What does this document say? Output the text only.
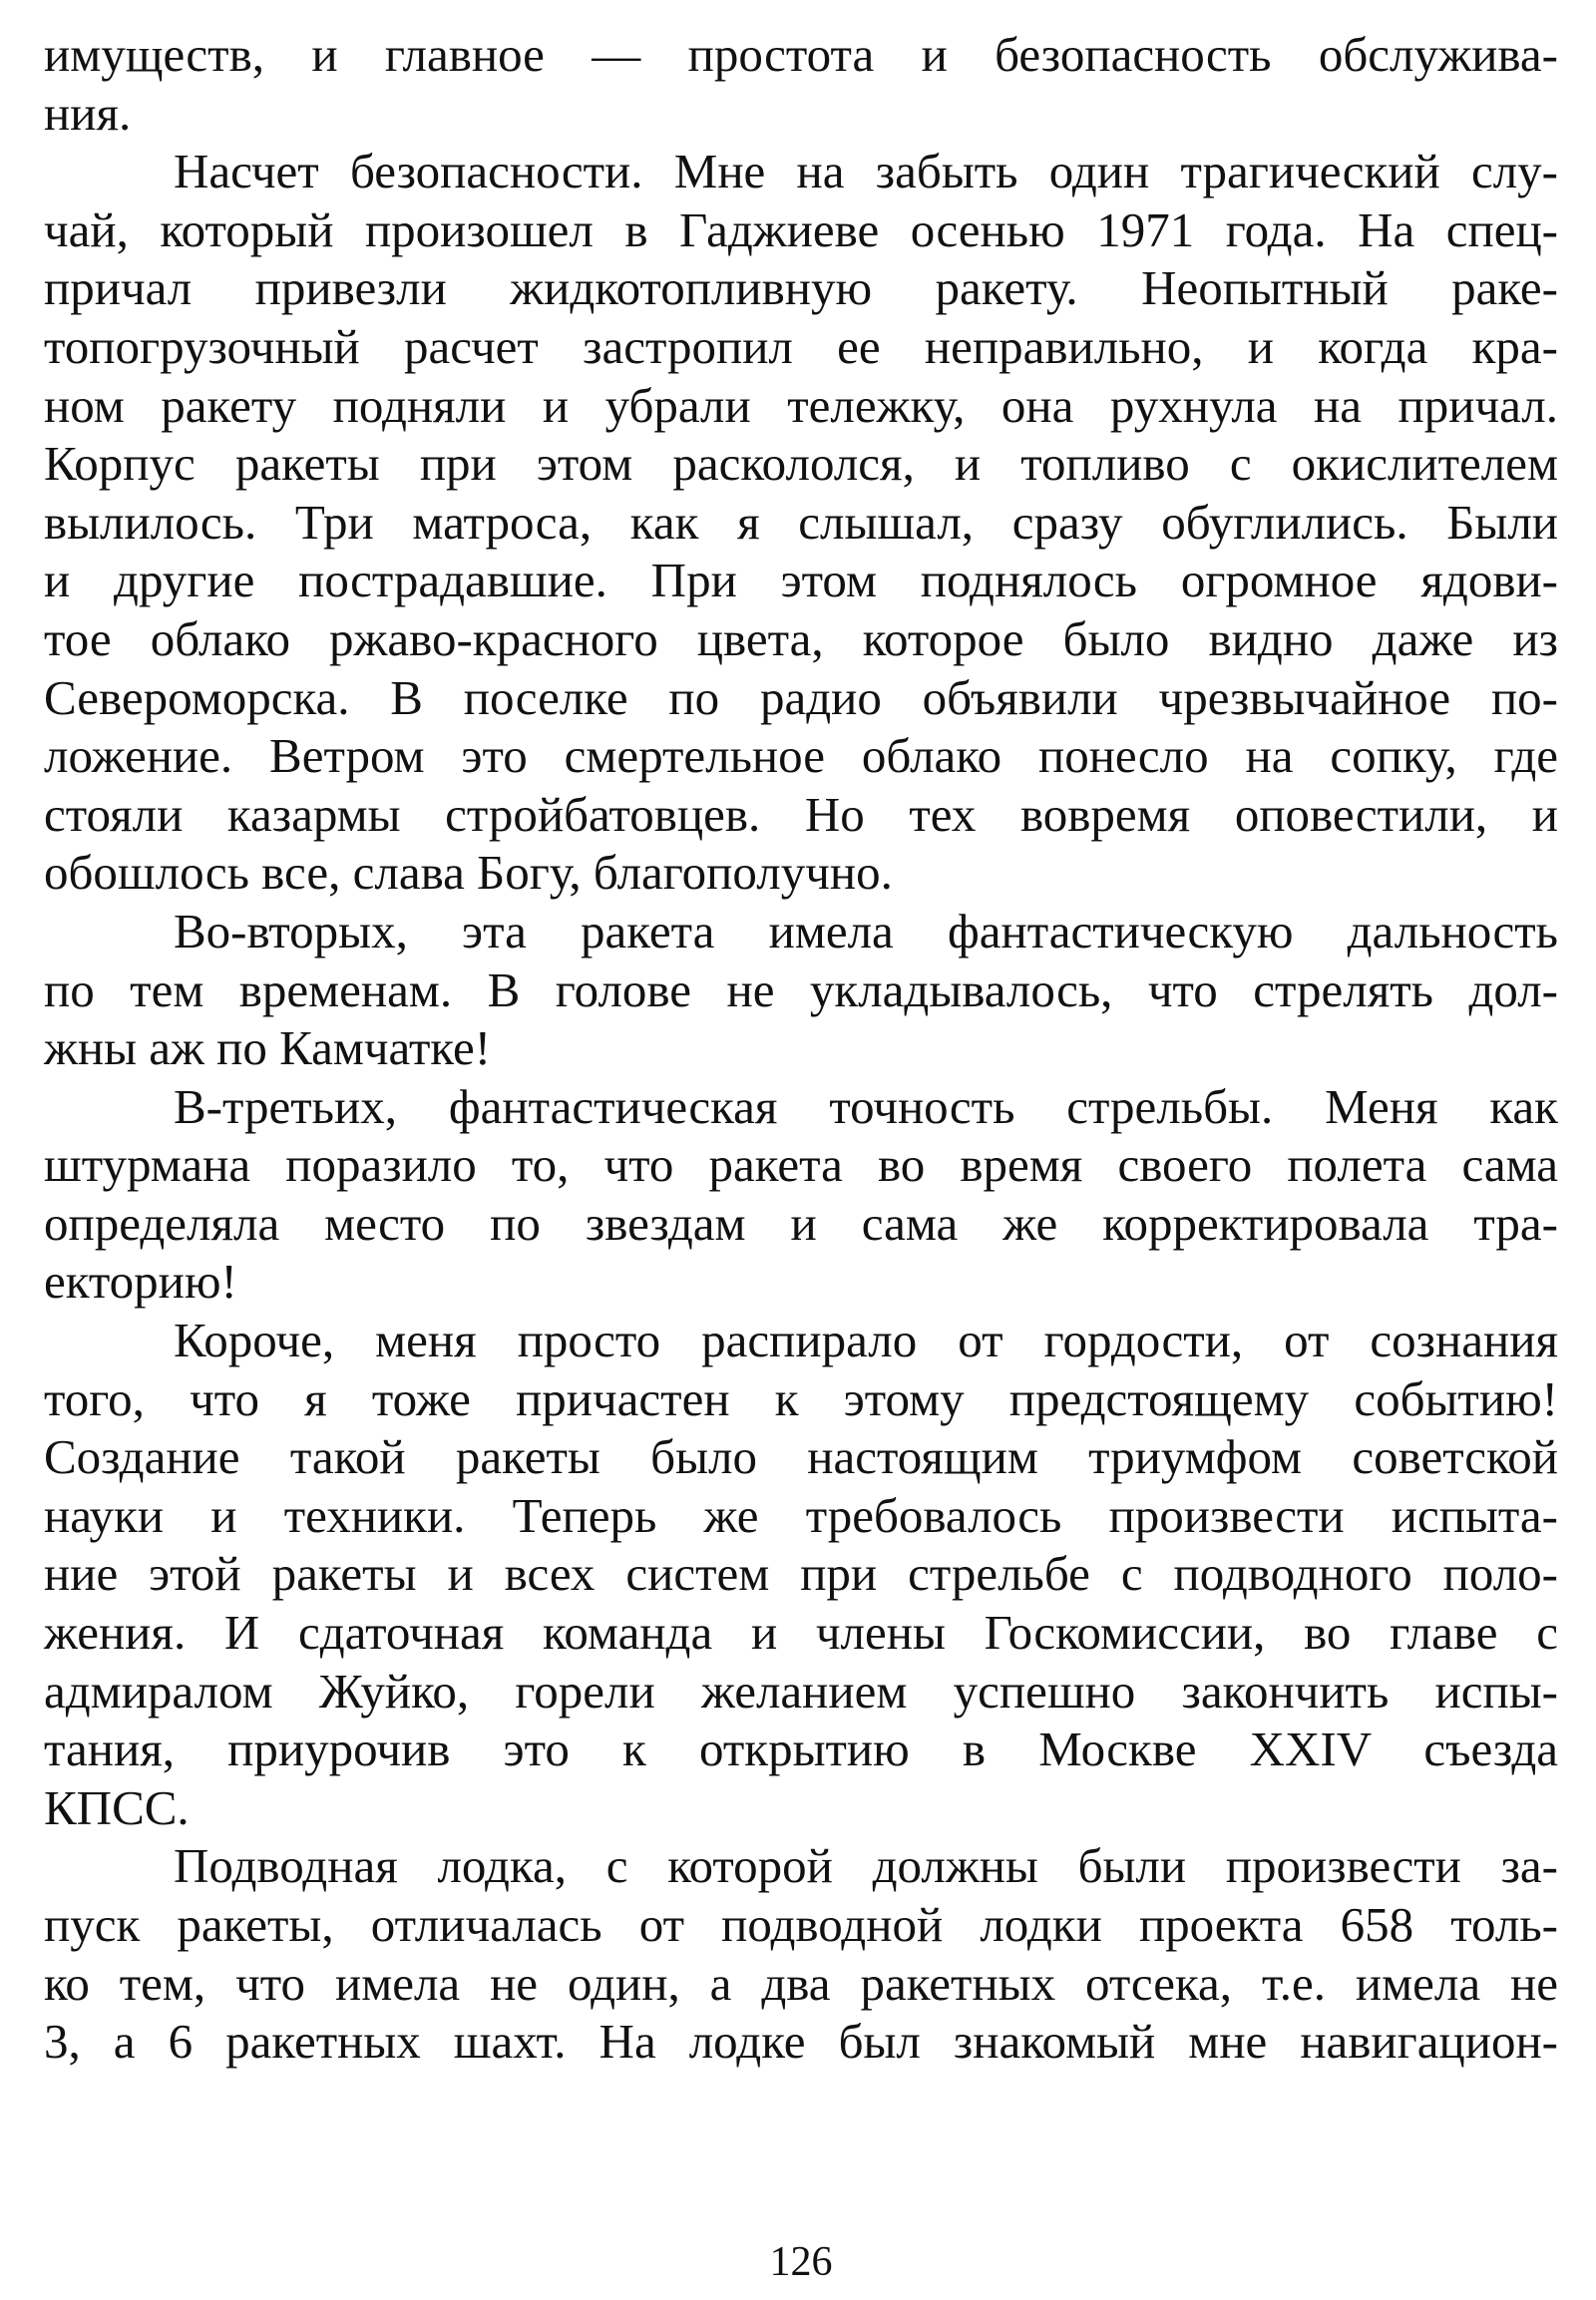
имуществ, и главное — простота и безопасность обслужива-
ния.
Насчет безопасности. Мне на забыть один трагический слу-
чай, который произошел в Гаджиеве осенью 1971 года. На спец-
причал привезли жидкотопливную ракету. Неопытный раке-
топогрузочный расчет застропил ее неправильно, и когда кра-
ном ракету подняли и убрали тележку, она рухнула на причал.
Корпус ракеты при этом раскололся, и топливо с окислителем
вылилось. Три матроса, как я слышал, сразу обуглились. Были
и другие пострадавшие. При этом поднялось огромное ядови-
тое облако ржаво-красного цвета, которое было видно даже из
Североморска. В поселке по радио объявили чрезвычайное по-
ложение. Ветром это смертельное облако понесло на сопку, где
стояли казармы стройбатовцев. Но тех вовремя оповестили, и
обошлось все, слава Богу, благополучно.
Во-вторых, эта ракета имела фантастическую дальность
по тем временам. В голове не укладывалось, что стрелять дол-
жны аж по Камчатке!
В-третьих, фантастическая точность стрельбы. Меня как
штурмана поразило то, что ракета во время своего полета сама
определяла место по звездам и сама же корректировала тра-
екторию!
Короче, меня просто распирало от гордости, от сознания
того, что я тоже причастен к этому предстоящему событию!
Создание такой ракеты было настоящим триумфом советской
науки и техники. Теперь же требовалось произвести испыта-
ние этой ракеты и всех систем при стрельбе с подводного поло-
жения. И сдаточная команда и члены Госкомиссии, во главе с
адмиралом Жуйко, горели желанием успешно закончить испы-
тания, приурочив это к открытию в Москве XXIV съезда
КПСС.
Подводная лодка, с которой должны были произвести за-
пуск ракеты, отличалась от подводной лодки проекта 658 толь-
ко тем, что имела не один, а два ракетных отсека, т.е. имела не
3, а 6 ракетных шахт. На лодке был знакомый мне навигацион-
126
